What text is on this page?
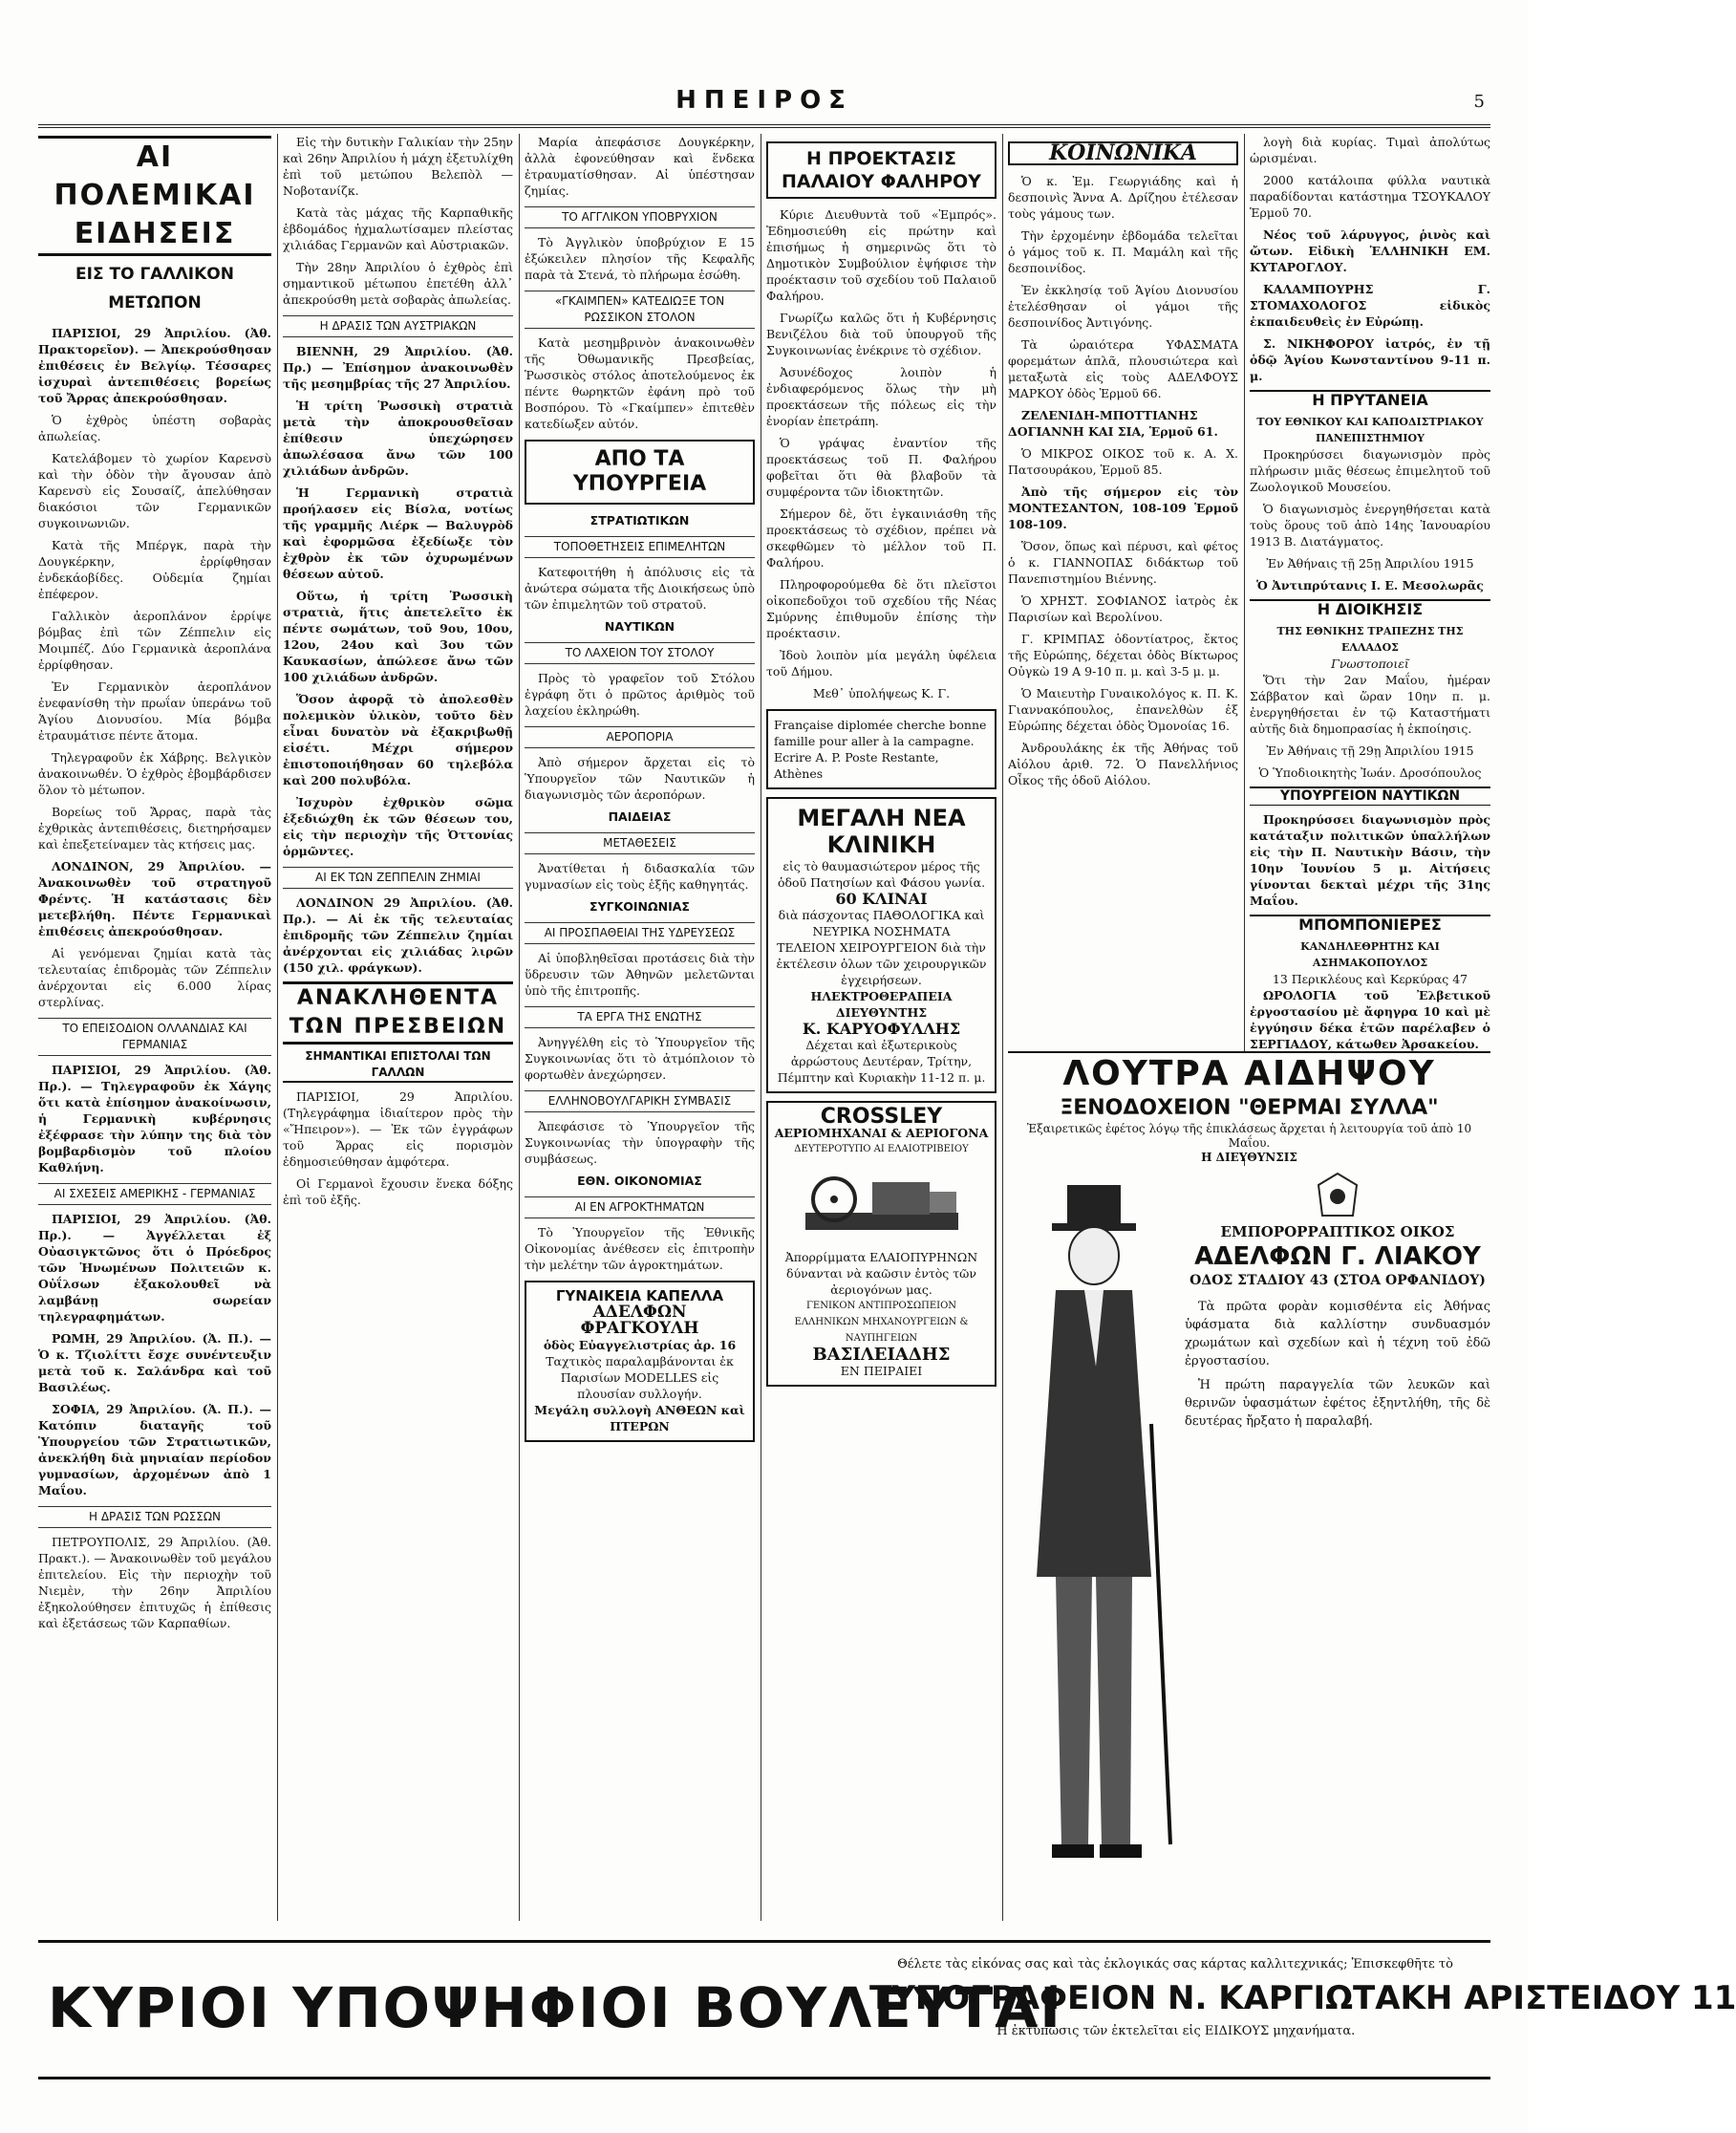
ΗΠΕΙΡΟΣ	5
ΑΙ ΠΟΛΕΜΙΚΑΙ ΕΙΔΗΣΕΙΣ
ΕΙΣ ΤΟ ΓΑΛΛΙΚΟΝ ΜΕΤΩΠΟΝ

ΠΑΡΙΣΙΟΙ, 29 Ἀπριλίου. (Ἀθ. Πρακτορεῖον). — Ἀπεκρούσθησαν ἐπιθέσεις ἐν Βελγίῳ. Τέσσαρες ἰσχυραὶ ἀντεπιθέσεις βορείως τοῦ Ἄρρας ἀπεκρούσθησαν.

Ὁ ἐχθρὸς ὑπέστη σοβαρὰς ἀπωλείας.

Κατελάβομεν τὸ χωρίον Καρενσὺ καὶ τὴν ὁδὸν τὴν ἄγουσαν ἀπὸ Καρενσὺ εἰς Σουσαίζ, ἀπελύθησαν διακόσιοι τῶν Γερμανικῶν συγκοινωνιῶν.

Κατὰ τῆς Μπέργκ, παρὰ τὴν Δουγκέρκην, ἐρρίφθησαν ἐνδεκάοβίδες. Οὐδεμία ζημίαι ἐπέφερον.

Γαλλικὸν ἀεροπλάνον ἐρρίψε βόμβας ἐπὶ τῶν Ζέππελιν εἰς Μοιμπέζ. Δύο Γερμανικὰ ἀεροπλάνα ἐρρίφθησαν.

Ἐν Γερμανικὸν ἀεροπλάνον ἐνεφανίσθη τὴν πρωΐαν ὑπεράνω τοῦ Ἁγίου Διονυσίου. Μία βόμβα ἐτραυμάτισε πέντε ἄτομα.

Τηλεγραφοῦν ἐκ Χάβρης. Βελγικὸν ἀνακοινωθέν. Ὁ ἐχθρὸς ἐβομβάρδισεν ὅλον τὸ μέτωπον.

Βορείως τοῦ Ἄρρας, παρὰ τὰς ἐχθρικὰς ἀντεπιθέσεις, διετηρήσαμεν καὶ ἐπεξετείναμεν τὰς κτήσεις μας.

ΛΟΝΔΙΝΟΝ, 29 Ἀπριλίου. — Ἀνακοινωθὲν τοῦ στρατηγοῦ Φρέντς. Ἡ κατάστασις δὲν μετεβλήθη. Πέντε Γερμανικαὶ ἐπιθέσεις ἀπεκρούσθησαν.

Αἱ γενόμεναι ζημίαι κατὰ τὰς τελευταίας ἐπιδρομὰς τῶν Ζέππελιν ἀνέρχονται εἰς 6.000 λίρας στερλίνας.

ΤΟ ΕΠΕΙΣΟΔΙΟΝ ΟΛΛΑΝΔΙΑΣ ΚΑΙ ΓΕΡΜΑΝΙΑΣ

ΠΑΡΙΣΙΟΙ, 29 Ἀπριλίου. (Ἀθ. Πρ.). — Τηλεγραφοῦν ἐκ Χάγης ὅτι κατὰ ἐπίσημον ἀνακοίνωσιν, ἡ Γερμανικὴ κυβέρνησις ἐξέφρασε τὴν λύπην της διὰ τὸν βομβαρδισμὸν τοῦ πλοίου Καθλήνη.

ΑΙ ΣΧΕΣΕΙΣ ΑΜΕΡΙΚΗΣ - ΓΕΡΜΑΝΙΑΣ

ΠΑΡΙΣΙΟΙ, 29 Ἀπριλίου. (Ἀθ. Πρ.). — Ἀγγέλλεται ἐξ Οὐασιγκτῶνος ὅτι ὁ Πρόεδρος τῶν Ἡνωμένων Πολιτειῶν κ. Οὐΐλσων ἐξακολουθεῖ νὰ λαμβάνῃ σωρείαν τηλεγραφημάτων.

ΡΩΜΗ, 29 Ἀπριλίου. (Ἀ. Π.). — Ὁ κ. Τζιολίττι ἔσχε συνέντευξιν μετὰ τοῦ κ. Σαλάνδρα καὶ τοῦ Βασιλέως.

ΣΟΦΙΑ, 29 Ἀπριλίου. (Ἀ. Π.). — Κατόπιν διαταγῆς τοῦ Ὑπουργείου τῶν Στρατιωτικῶν, ἀνεκλήθη διὰ μηνιαίαν περίοδον γυμνασίων, ἀρχομένων ἀπὸ 1 Μαΐου.

Η ΔΡΑΣΙΣ ΤΩΝ ΡΩΣΣΩΝ

ΠΕΤΡΟΥΠΟΛΙΣ, 29 Ἀπριλίου. (Ἀθ. Πρακτ.). — Ἀνακοινωθὲν τοῦ μεγάλου ἐπιτελείου. Εἰς τὴν περιοχὴν τοῦ Νιεμὲν, τὴν 26ην Ἀπριλίου ἐξηκολούθησεν ἐπιτυχῶς ἡ ἐπίθεσις καὶ ἐξετάσεως τῶν Καρπαθίων.

Εἰς τὴν δυτικὴν Γαλικίαν τὴν 25ην καὶ 26ην Ἀπριλίου ἡ μάχη ἐξετυλίχθη ἐπὶ τοῦ μετώπου Βελεπὸλ — Νοβοτανίζκ.

Κατὰ τὰς μάχας τῆς Καρπαθικῆς ἑβδομάδος ἠχμαλωτίσαμεν πλείστας χιλιάδας Γερμανῶν καὶ Αὐστριακῶν.

Τὴν 28ην Ἀπριλίου ὁ ἐχθρὸς ἐπὶ σημαντικοῦ μέτωπου ἐπετέθη ἀλλ᾿ ἀπεκρούσθη μετὰ σοβαρὰς ἀπωλείας.

Η ΔΡΑΣΙΣ ΤΩΝ ΑΥΣΤΡΙΑΚΩΝ

ΒΙΕΝΝΗ, 29 Ἀπριλίου. (Ἀθ. Πρ.) — Ἐπίσημον ἀνακοινωθὲν τῆς μεσημβρίας τῆς 27 Ἀπριλίου.

Ἡ τρίτη Ῥωσσικὴ στρατιὰ μετὰ τὴν ἀποκρουσθεῖσαν ἐπίθεσιν ὑπεχώρησεν ἀπωλέσασα ἄνω τῶν 100 χιλιάδων ἀνδρῶν.

Ἡ Γερμανικὴ στρατιὰ προήλασεν εἰς Βίσλα, νοτίως τῆς γραμμῆς Λιέρκ — Βαλυγρὸδ καὶ ἐφορμῶσα ἐξεδίωξε τὸν ἐχθρὸν ἐκ τῶν ὀχυρωμένων θέσεων αὐτοῦ.

Οὕτω, ἡ τρίτη Ῥωσσικὴ στρατιὰ, ἥτις ἀπετελεῖτο ἐκ πέντε σωμάτων, τοῦ 9ου, 10ου, 12ου, 24ου καὶ 3ου τῶν Καυκασίων, ἀπώλεσε ἄνω τῶν 100 χιλιάδων ἀνδρῶν.

Ὅσον ἀφορᾷ τὸ ἀπολεσθὲν πολεμικὸν ὑλικὸν, τοῦτο δὲν εἶναι δυνατὸν νὰ ἐξακριβωθῇ εἰσέτι. Μέχρι σήμερον ἐπιστοποιήθησαν 60 τηλεβόλα καὶ 200 πολυβόλα.

Ἰσχυρὸν ἐχθρικὸν σῶμα ἐξεδιώχθη ἐκ τῶν θέσεων του, εἰς τὴν περιοχὴν τῆς Ὀττονίας ὁρμῶντες.

ΑΙ ΕΚ ΤΩΝ ΖΕΠΠΕΛΙΝ ΖΗΜΙΑΙ

ΛΟΝΔΙΝΟΝ 29 Ἀπριλίου. (Ἀθ. Πρ.). — Αἱ ἐκ τῆς τελευταίας ἐπιδρομῆς τῶν Ζέππελιν ζημίαι ἀνέρχονται εἰς χιλιάδας λιρῶν (150 χιλ. φράγκων).

ΑΝΑΚΛΗΘΕΝΤΑ ΤΩΝ ΠΡΕΣΒΕΙΩΝ
ΣΗΜΑΝΤΙΚΑΙ ΕΠΙΣΤΟΛΑΙ ΤΩΝ ΓΑΛΛΩΝ

ΠΑΡΙΣΙΟΙ, 29 Ἀπριλίου. (Τηλεγράφημα ἰδιαίτερον πρὸς τὴν «Ἤπειρον»). — Ἐκ τῶν ἐγγράφων τοῦ Ἄρρας εἰς πορισμὸν ἐδημοσιεύθησαν ἀμφότερα.

Οἱ Γερμανοὶ ἔχουσιν ἕνεκα δόξης ἐπὶ τοῦ ἐξῆς.

Μαρία ἀπεφάσισε Δουγκέρκην, ἀλλὰ ἐφονεύθησαν καὶ ἕνδεκα ἐτραυματίσθησαν. Αἱ ὑπέστησαν ζημίας.

ΤΟ ΑΓΓΛΙΚΟΝ ΥΠΟΒΡΥΧΙΟΝ

Τὸ Ἀγγλικὸν ὑποβρύχιον Ε 15 ἐξώκειλεν πλησίον τῆς Κεφαλῆς παρὰ τὰ Στενά, τὸ πλήρωμα ἐσώθη.

«ΓΚΑΙΜΠΕΝ» ΚΑΤΕΔΙΩΞΕ ΤΟΝ ΡΩΣΣΙΚΟΝ ΣΤΟΛΟΝ

Κατὰ μεσημβρινὸν ἀνακοινωθὲν τῆς Ὀθωμανικῆς Πρεσβείας, Ῥωσσικὸς στόλος ἀποτελούμενος ἐκ πέντε θωρηκτῶν ἐφάνη πρὸ τοῦ Βοσπόρου. Τὸ «Γκαίμπεν» ἐπιτεθὲν κατεδίωξεν αὐτόν.

ΑΠΟ ΤΑ ΥΠΟΥΡΓΕΙΑ
ΣΤΡΑΤΙΩΤΙΚΩΝ
ΤΟΠΟΘΕΤΗΣΕΙΣ ΕΠΙΜΕΛΗΤΩΝ

Κατεφοιτήθη ἡ ἀπόλυσις εἰς τὰ ἀνώτερα σώματα τῆς Διοικήσεως ὑπὸ τῶν ἐπιμελητῶν τοῦ στρατοῦ.

ΝΑΥΤΙΚΩΝ
ΤΟ ΛΑΧΕΙΟΝ ΤΟΥ ΣΤΟΛΟΥ

Πρὸς τὸ γραφεῖον τοῦ Στόλου ἐγράφη ὅτι ὁ πρῶτος ἀριθμὸς τοῦ λαχείου ἐκληρώθη.

ΑΕΡΟΠΟΡΙΑ

Ἀπὸ σήμερον ἄρχεται εἰς τὸ Ὑπουργεῖον τῶν Ναυτικῶν ἡ διαγωνισμὸς τῶν ἀεροπόρων.

ΠΑΙΔΕΙΑΣ
ΜΕΤΑΘΕΣΕΙΣ

Ἀνατίθεται ἡ διδασκαλία τῶν γυμνασίων εἰς τοὺς ἑξῆς καθηγητάς.

ΣΥΓΚΟΙΝΩΝΙΑΣ
ΑΙ ΠΡΟΣΠΑΘΕΙΑΙ ΤΗΣ ΥΔΡΕΥΣΕΩΣ

Αἱ ὑποβληθεῖσαι προτάσεις διὰ τὴν ὕδρευσιν τῶν Ἀθηνῶν μελετῶνται ὑπὸ τῆς ἐπιτροπῆς.

ΤΑ ΕΡΓΑ ΤΗΣ ΕΝΩΤΗΣ

Ἀνηγγέλθη εἰς τὸ Ὑπουργεῖον τῆς Συγκοινωνίας ὅτι τὸ ἀτμόπλοιον τὸ φορτωθὲν ἀνεχώρησεν.

ΕΛΛΗΝΟΒΟΥΛΓΑΡΙΚΗ ΣΥΜΒΑΣΙΣ

Ἀπεφάσισε τὸ Ὑπουργεῖον τῆς Συγκοινωνίας τὴν ὑπογραφὴν τῆς συμβάσεως.

ΕΘΝ. ΟΙΚΟΝΟΜΙΑΣ
ΑΙ ΕΝ ΑΓΡΟΚΤΗΜΑΤΩΝ

Τὸ Ὑπουργεῖον τῆς Ἐθνικῆς Οἰκονομίας ἀνέθεσεν εἰς ἐπιτροπὴν τὴν μελέτην τῶν ἀγροκτημάτων.

ΓΥΝΑΙΚΕΙΑ ΚΑΠΕΛΛΑ
ΑΔΕΛΦΩΝ ΦΡΑΓΚΟΥΛΗ
ὁδὸς Εὐαγγελιστρίας ἀρ. 16
Ταχτικὸς παραλαμβάνονται ἐκ Παρισίων MODELLES εἰς πλουσίαν συλλογήν.
Μεγάλη συλλογὴ ΑΝΘΕΩΝ καὶ ΠΤΕΡΩΝ
Η ΠΡΟΕΚΤΑΣΙΣ ΠΑΛΑΙΟΥ ΦΑΛΗΡΟΥ

Κύριε Διευθυντὰ τοῦ «Ἐμπρός». Ἐδημοσιεύθη εἰς πρώτην καὶ ἐπισήμως ἡ σημερινῶς ὅτι τὸ Δημοτικὸν Συμβούλιον ἐψήφισε τὴν προέκτασιν τοῦ σχεδίου τοῦ Παλαιοῦ Φαλήρου.

Γνωρίζω καλῶς ὅτι ἡ Κυβέρνησις Βενιζέλου διὰ τοῦ ὑπουργοῦ τῆς Συγκοινωνίας ἐνέκρινε τὸ σχέδιον.

Ἀσυνέδοχος λοιπὸν ἡ ἐνδιαφερόμενος ὅλως τὴν μὴ προεκτάσεων τῆς πόλεως εἰς τὴν ἐνορίαν ἐπετράπη.

Ὁ γράψας ἐναντίον τῆς προεκτάσεως τοῦ Π. Φαλήρου φοβεῖται ὅτι θὰ βλαβοῦν τὰ συμφέροντα τῶν ἰδιοκτητῶν.

Σήμερον δὲ, ὅτι ἐγκαινιάσθη τῆς προεκτάσεως τὸ σχέδιον, πρέπει νὰ σκεφθῶμεν τὸ μέλλον τοῦ Π. Φαλήρου.

Πληροφορούμεθα δὲ ὅτι πλεῖστοι οἰκοπεδοῦχοι τοῦ σχεδίου τῆς Νέας Σμύρνης ἐπιθυμοῦν ἐπίσης τὴν προέκτασιν.

Ἰδοὺ λοιπὸν μία μεγάλη ὑφέλεια τοῦ Δήμου.

Μεθ᾿ ὑπολήψεως Κ. Γ.

Française diplomée cherche bonne famille pour aller à la campagne. Ecrire A. P. Poste Restante, Athènes
ΜΕΓΑΛΗ ΝΕΑ ΚΛΙΝΙΚΗ
εἰς τὸ θαυμασιώτερον μέρος τῆς ὁδοῦ Πατησίων καὶ Φάσου γωνία.
60 ΚΛΙΝΑΙ
διὰ πάσχοντας ΠΑΘΟΛΟΓΙΚΑ καὶ ΝΕΥΡΙΚΑ ΝΟΣΗΜΑΤΑ
ΤΕΛΕΙΟΝ ΧΕΙΡΟΥΡΓΕΙΟΝ διὰ τὴν ἐκτέλεσιν ὁλων τῶν χειρουργικῶν ἐγχειρήσεων.
ΗΛΕΚΤΡΟΘΕΡΑΠΕΙΑ
ΔΙΕΥΘΥΝΤΗΣ
Κ. ΚΑΡΥΟΦΥΛΛΗΣ
Δέχεται καὶ ἐξωτερικοὺς ἀρρώστους Δευτέραν, Τρίτην, Πέμπτην καὶ Κυριακὴν 11-12 π. μ.
CROSSLEY
ΑΕΡΙΟΜΗΧΑΝΑΙ & ΑΕΡΙΟΓΟΝΑ
ΔΕΥΤΕΡΟΤΥΠΟ ΑΙ ΕΛΑΙΟΤΡΙΒΕΙΟΥ
Ἀπορρίμματα ΕΛΑΙΟΠΥΡΗΝΩΝ δύνανται νὰ καῶσιν ἐντὸς τῶν ἀεριογόνων μας.
ΓΕΝΙΚΟΝ ΑΝΤΙΠΡΟΣΩΠΕΙΟΝ ΕΛΛΗΝΙΚΩΝ ΜΗΧΑΝΟΥΡΓΕΙΩΝ & ΝΑΥΠΗΓΕΙΩΝ
ΒΑΣΙΛΕΙΑΔΗΣ
ΕΝ ΠΕΙΡΑΙΕΙ
ΚΟΙΝΩΝΙΚΑ

Ὁ κ. Ἐμ. Γεωργιάδης καὶ ἡ δεσποινὶς Ἄννα Α. Δρίζηου ἐτέλεσαν τοὺς γάμους των.

Τὴν ἐρχομένην ἑβδομάδα τελεῖται ὁ γάμος τοῦ κ. Π. Μαμάλη καὶ τῆς δεσποινίδος.

Ἐν ἐκκλησίᾳ τοῦ Ἁγίου Διονυσίου ἐτελέσθησαν οἱ γάμοι τῆς δεσποινίδος Ἀντιγόνης.

Τὰ ὡραιότερα ΥΦΑΣΜΑΤΑ φορεμάτων ἁπλᾶ, πλουσιώτερα καὶ μεταξωτὰ εἰς τοὺς ΑΔΕΛΦΟΥΣ ΜΑΡΚΟΥ ὁδὸς Ἑρμοῦ 66.

ΖΕΛΕΝΙΔΗ-ΜΠΟΤΤΙΑΝΗΣ ΔΟΓΙΑΝΝΗ ΚΑΙ ΣΙΑ, Ἑρμοῦ 61.

Ὁ ΜΙΚΡΟΣ ΟΙΚΟΣ τοῦ κ. Α. Χ. Πατσουράκου, Ἑρμοῦ 85.

Ἀπὸ τῆς σήμερον εἰς τὸν ΜΟΝΤΕΣΑΝΤΟΝ, 108-109 Ἑρμοῦ 108-109.

Ὅσον, ὅπως καὶ πέρυσι, καὶ φέτος ὁ κ. ΓΙΑΝΝΟΠΑΣ διδάκτωρ τοῦ Πανεπιστημίου Βιέννης.

Ὁ ΧΡΗΣΤ. ΣΟΦΙΑΝΟΣ ἰατρὸς ἐκ Παρισίων καὶ Βερολίνου.

Γ. ΚΡΙΜΠΑΣ ὁδοντίατρος, ἔκτος τῆς Εὐρώπης, δέχεται ὁδὸς Βίκτωρος Οὐγκὼ 19 Α 9-10 π. μ. καὶ 3-5 μ. μ.

Ὁ Μαιευτὴρ Γυναικολόγος κ. Π. Κ. Γιαννακόπουλος, ἐπανελθὼν ἐξ Εὐρώπης δέχεται ὁδὸς Ὀμονοίας 16.

Ἀνδρουλάκης ἐκ τῆς Ἀθήνας τοῦ Αἰόλου ἀριθ. 72. Ὁ Πανελλήνιος Οἶκος τῆς ὁδοῦ Αἰόλου.

λογὴ διὰ κυρίας. Τιμαὶ ἀπολύτως ὡρισμέναι.

2000 κατάλοιπα φύλλα ναυτικὰ παραδίδονται κατάστημα ΤΣΟΥΚΑΛΟΥ Ἑρμοῦ 70.

Νέος τοῦ λάρυγγος, ῥινὸς καὶ ὤτων. Εἰδικὴ ἙΛΛΗΝΙΚΗ ΕΜ. ΚΥΤΑΡΟΓΛΟΥ.

ΚΑΛΑΜΠΟΥΡΗΣ Γ. ΣΤΟΜΑΧΟΛΟΓΟΣ εἰδικὸς ἐκπαιδευθεὶς ἐν Εὐρώπῃ.

Σ. ΝΙΚΗΦΟΡΟΥ ἰατρός, ἐν τῇ ὁδῷ Ἁγίου Κωνσταντίνου 9-11 π. μ.

Η ΠΡΥΤΑΝΕΙΑ
ΤΟΥ ΕΘΝΙΚΟΥ ΚΑΙ ΚΑΠΟΔΙΣΤΡΙΑΚΟΥ ΠΑΝΕΠΙΣΤΗΜΙΟΥ

Προκηρύσσει διαγωνισμὸν πρὸς πλήρωσιν μιᾶς θέσεως ἐπιμελητοῦ τοῦ Ζωολογικοῦ Μουσείου.

Ὁ διαγωνισμὸς ἐνεργηθήσεται κατὰ τοὺς ὅρους τοῦ ἀπὸ 14ης Ἰανουαρίου 1913 Β. Διατάγματος.

Ἐν Ἀθήναις τῇ 25ῃ Ἀπριλίου 1915

Ὁ Ἀντιπρύτανις Ι. Ε. Μεσολωρᾶς

Η ΔΙΟΙΚΗΣΙΣ
ΤΗΣ ΕΘΝΙΚΗΣ ΤΡΑΠΕΖΗΣ ΤΗΣ ΕΛΛΑΔΟΣ
Γνωστοποιεῖ

Ὅτι τὴν 2αν Μαΐου, ἡμέραν Σάββατον καὶ ὥραν 10ην π. μ. ἐνεργηθήσεται ἐν τῷ Καταστήματι αὐτῆς διὰ δημοπρασίας ἡ ἐκποίησις.

Ἐν Ἀθήναις τῇ 29ῃ Ἀπριλίου 1915

Ὁ Ὑποδιοικητὴς Ἰωάν. Δροσόπουλος

ΥΠΟΥΡΓΕΙΟΝ ΝΑΥΤΙΚΩΝ

Προκηρύσσει διαγωνισμὸν πρὸς κατάταξιν πολιτικῶν ὑπαλλήλων εἰς τὴν Π. Ναυτικὴν Βάσιν, τὴν 10ην Ἰουνίου 5 μ. Αἰτήσεις γίνονται δεκταὶ μέχρι τῆς 31ης Μαΐου.

ΜΠΟΜΠΟΝΙΕΡΕΣ
ΚΑΝΔΗΛΕΘΡΗΤΗΣ ΚΑΙ ΑΣΗΜΑΚΟΠΟΥΛΟΣ
13 Περικλέους καὶ Κερκύρας 47

ΩΡΟΛΟΓΙΑ τοῦ Ἐλβετικοῦ ἐργοστασίου μὲ ἄφηγρα 10 καὶ μὲ ἐγγύησιν δέκα ἐτῶν παρέλαβεν ὁ ΣΕΡΓΙΑΔΟΥ, κάτωθεν Ἀρσακείου.

ΛΟΥΤΡΑ ΑΙΔΗΨΟΥ
ΞΕΝΟΔΟΧΕΙΟΝ "ΘΕΡΜΑΙ ΣΥΛΛΑ"
Ἐξαιρετικῶς ἐφέτος λόγῳ τῆς ἐπικλάσεως ἄρχεται ἡ λειτουργία τοῦ ἀπὸ 10 Μαΐου.
Η ΔΙΕΥΘΥΝΣΙΣ
ΕΜΠΟΡΟΡΡΑΠΤΙΚΟΣ ΟΙΚΟΣ
ΑΔΕΛΦΩΝ Γ. ΛΙΑΚΟΥ
ΟΔΟΣ ΣΤΑΔΙΟΥ 43 (ΣΤΟΑ ΟΡΦΑΝΙΔΟΥ)

Τὰ πρῶτα φορὰν κομισθέντα εἰς Ἀθήνας ὑφάσματα διὰ καλλίστην συνδυασμόν χρωμάτων καὶ σχεδίων καὶ ἡ τέχνη τοῦ ἐδῶ ἐργοστασίου.

Ἡ πρώτη παραγγελία τῶν λευκῶν καὶ θερινῶν ὑφασμάτων ἐφέτος ἐξηντλήθη, τῆς δὲ δευτέρας ἤρξατο ἡ παραλαβή.

ΚΥΡΙΟΙ ΥΠΟΨΗΦΙΟΙ ΒΟΥΛΕΥΤΑΙ
Θέλετε τὰς εἰκόνας σας καὶ τὰς ἐκλογικάς σας κάρτας καλλιτεχνικάς; Ἐπισκεφθῆτε τὸ
ΤΥΠΟΓΡΑΦΕΙΟΝ Ν. ΚΑΡΓΙΩΤΑΚΗ ΑΡΙΣΤΕΙΔΟΥ 11
Ἡ ἐκτύπωσις τῶν ἐκτελεῖται εἰς ΕΙΔΙΚΟΥΣ μηχανήματα.
